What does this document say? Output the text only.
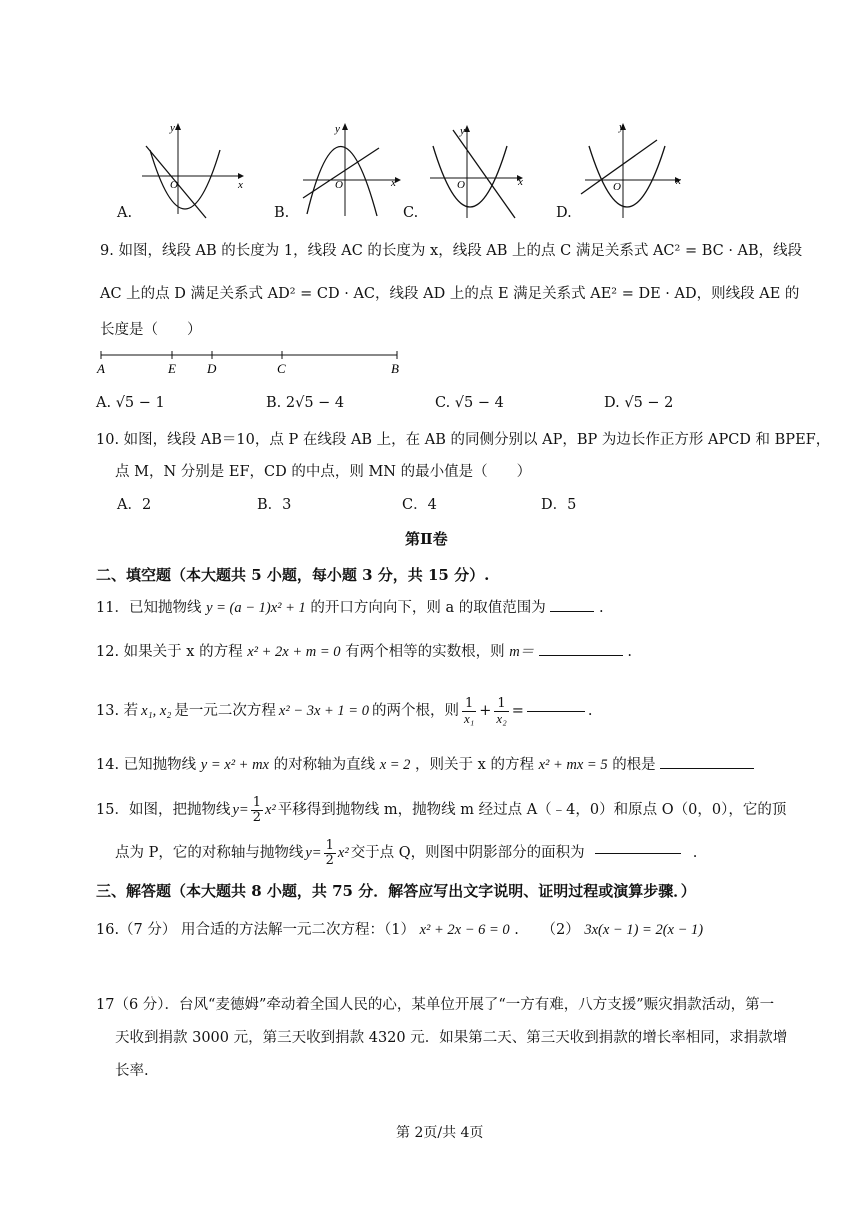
y
x
O
A.
y
x
O
B.
y
x
O
C.
y
x
O
D.
9. 如图，线段 AB 的长度为 1，线段 AC 的长度为 x，线段 AB 上的点 C 满足关系式 AC² = BC · AB，线段
AC 上的点 D 满足关系式 AD² = CD · AC，线段 AD 上的点 E 满足关系式 AE² = DE · AD，则线段 AE 的
长度是（　　）
A	E D	C	B
A. √5 − 1	B. 2√5 − 4	C. √5 − 4	D. √5 − 2
10. 如图，线段 AB＝10，点 P 在线段 AB 上，在 AB 的同侧分别以 AP，BP 为边长作正方形 APCD 和 BPEF，
点 M，N 分别是 EF，CD 的中点，则 MN 的最小值是（　　）
A．2	B．3	C．4	D．5
第Ⅱ卷
二、填空题（本大题共 5 小题，每小题 3 分，共 15 分）.
11．已知抛物线 y = (a − 1)x² + 1 的开口方向向下，则 a 的取值范围为	.
12. 如果关于 x 的方程 x² + 2x + m = 0 有两个相等的实数根，则 m＝	.
13. 若 x₁, x₂ 是一元二次方程 x² − 3x + 1 = 0 的两个根，则 $\frac{1}{\text{x₁}} + \frac{1}{\text{x₂}}$ =	.
14. 已知抛物线 y = x² + mx 的对称轴为直线 x = 2 ，则关于 x 的方程 x² + mx = 5 的根是
15．如图，把抛物线 $y= \frac{1}{2} x^2$ 平移得到抛物线 m，抛物线 m 经过点 A（﹣4，0）和原点 O（0，0），它的顶
点为 P，它的对称轴与抛物线 $y= \frac{1}{2} x^2$ 交于点 Q，则图中阴影部分的面积为	.
三、解答题（本大题共 8 小题，共 75 分．解答应写出文字说明、证明过程或演算步骤．）
16.（7 分） 用合适的方法解一元二次方程：（1） x² + 2x − 6 = 0 . （2） 3x(x − 1) = 2(x − 1)
17（6 分）．台风“麦德姆”牵动着全国人民的心，某单位开展了“一方有难，八方支援”赈灾捐款活动，第一
天收到捐款 3000 元，第三天收到捐款 4320 元．如果第二天、第三天收到捐款的增长率相同，求捐款增
长率.
第 2页/共 4页
